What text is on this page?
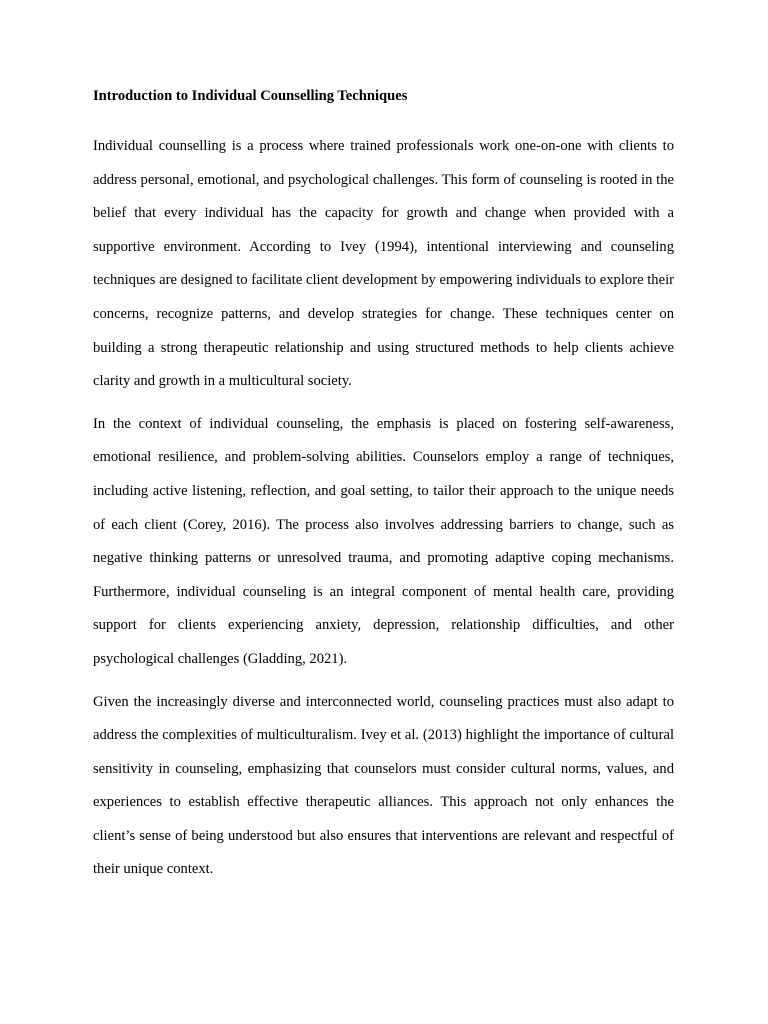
Introduction to Individual Counselling Techniques

Individual counselling is a process where trained professionals work one-on-one with clients to address personal, emotional, and psychological challenges. This form of counseling is rooted in the belief that every individual has the capacity for growth and change when provided with a supportive environment. According to Ivey (1994), intentional interviewing and counseling techniques are designed to facilitate client development by empowering individuals to explore their concerns, recognize patterns, and develop strategies for change. These techniques center on building a strong therapeutic relationship and using structured methods to help clients achieve clarity and growth in a multicultural society.

In the context of individual counseling, the emphasis is placed on fostering self-awareness, emotional resilience, and problem-solving abilities. Counselors employ a range of techniques, including active listening, reflection, and goal setting, to tailor their approach to the unique needs of each client (Corey, 2016). The process also involves addressing barriers to change, such as negative thinking patterns or unresolved trauma, and promoting adaptive coping mechanisms. Furthermore, individual counseling is an integral component of mental health care, providing support for clients experiencing anxiety, depression, relationship difficulties, and other psychological challenges (Gladding, 2021).

Given the increasingly diverse and interconnected world, counseling practices must also adapt to address the complexities of multiculturalism. Ivey et al. (2013) highlight the importance of cultural sensitivity in counseling, emphasizing that counselors must consider cultural norms, values, and experiences to establish effective therapeutic alliances. This approach not only enhances the client’s sense of being understood but also ensures that interventions are relevant and respectful of their unique context.
